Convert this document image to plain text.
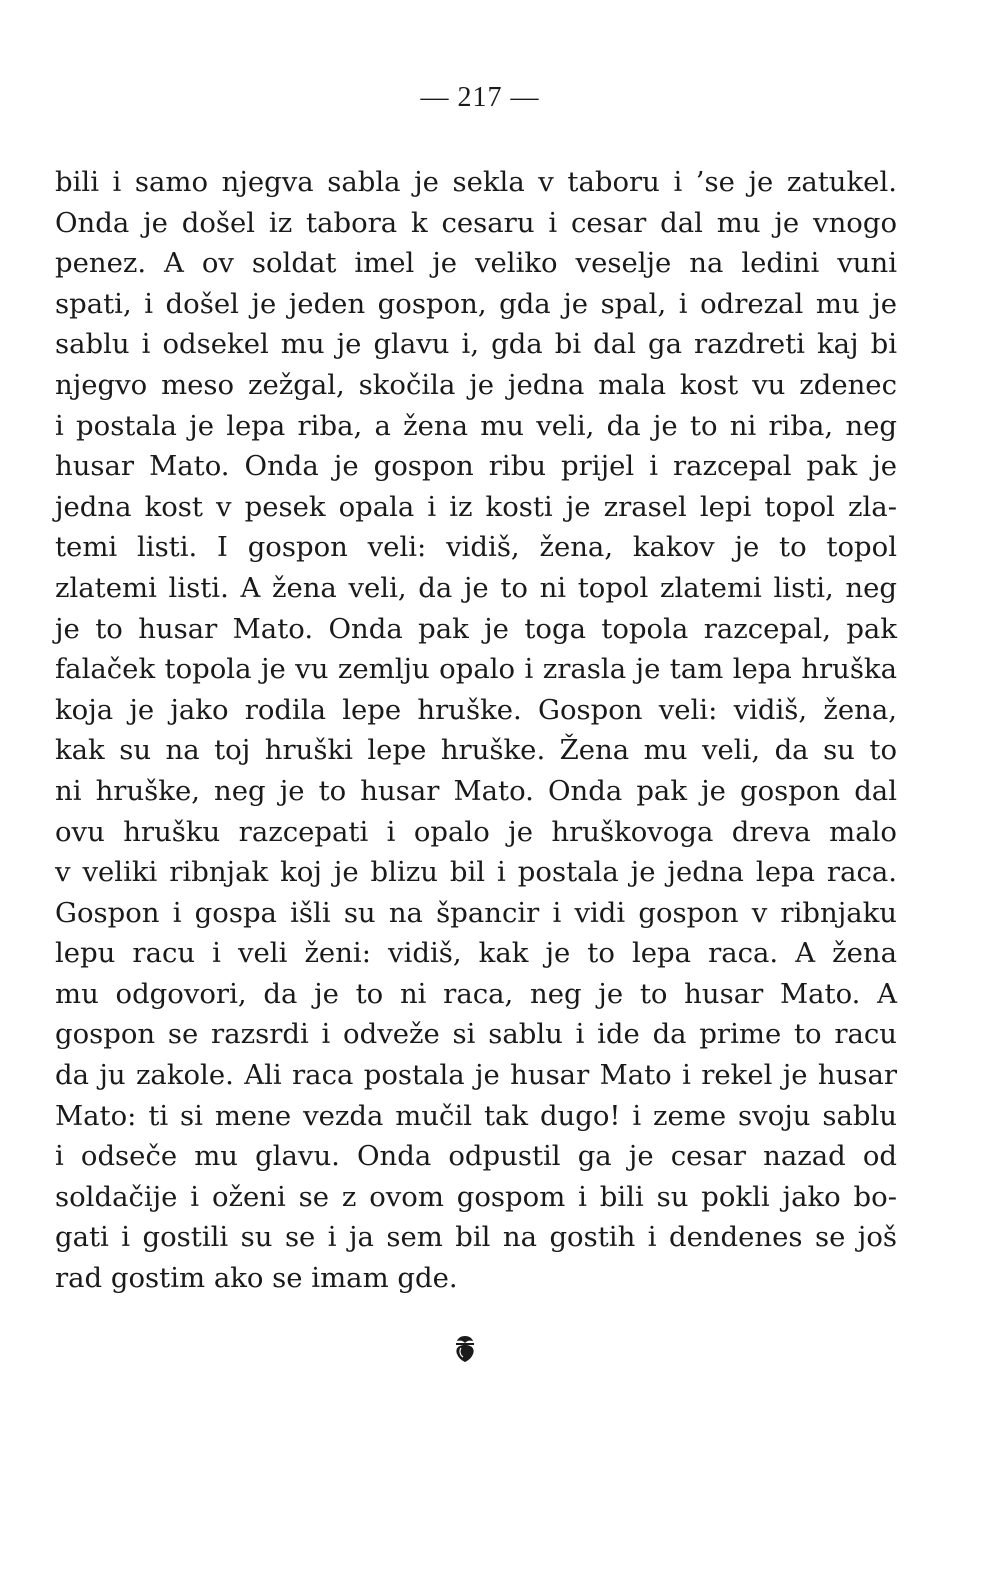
— 217 —
bili i samo njegva sabla je sekla v taboru i ’se je zatukel.
Onda je došel iz tabora k cesaru i cesar dal mu je vnogo
penez. A ov soldat imel je veliko veselje na ledini vuni
spati, i došel je jeden gospon, gda je spal, i odrezal mu je
sablu i odsekel mu je glavu i, gda bi dal ga razdreti kaj bi
njegvo meso zežgal, skočila je jedna mala kost vu zdenec
i postala je lepa riba, a žena mu veli, da je to ni riba, neg
husar Mato. Onda je gospon ribu prijel i razcepal pak je
jedna kost v pesek opala i iz kosti je zrasel lepi topol zla-
temi listi. I gospon veli: vidiš, žena, kakov je to topol
zlatemi listi. A žena veli, da je to ni topol zlatemi listi, neg
je to husar Mato. Onda pak je toga topola razcepal, pak
falaček topola je vu zemlju opalo i zrasla je tam lepa hruška
koja je jako rodila lepe hruške. Gospon veli: vidiš, žena,
kak su na toj hruški lepe hruške. Žena mu veli, da su to
ni hruške, neg je to husar Mato. Onda pak je gospon dal
ovu hrušku razcepati i opalo je hruškovoga dreva malo
v veliki ribnjak koj je blizu bil i postala je jedna lepa raca.
Gospon i gospa išli su na špancir i vidi gospon v ribnjaku
lepu racu i veli ženi: vidiš, kak je to lepa raca. A žena
mu odgovori, da je to ni raca, neg je to husar Mato. A
gospon se razsrdi i odveže si sablu i ide da prime to racu
da ju zakole. Ali raca postala je husar Mato i rekel je husar
Mato: ti si mene vezda mučil tak dugo! i zeme svoju sablu
i odseče mu glavu. Onda odpustil ga je cesar nazad od
soldačije i oženi se z ovom gospom i bili su pokli jako bo-
gati i gostili su se i ja sem bil na gostih i dendenes se još
rad gostim ako se imam gde.
